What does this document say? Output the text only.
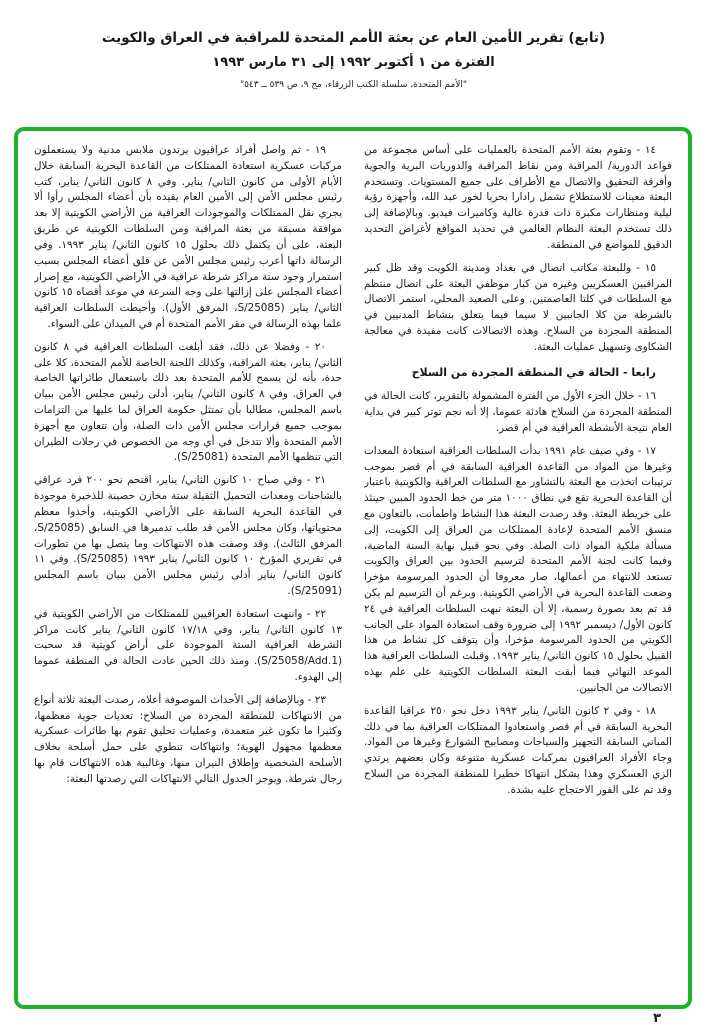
(تابع) تقرير الأمين العام عن بعثة الأمم المتحدة للمراقبة في العراق والكويت
الفترة من ١ أكتوبر ١٩٩٢ إلى ٣١ مارس ١٩٩٣
"الأمم المتحدة، سلسلة الكتب الزرقاء، مج ٩، ص ٥٣٩ ــ ٥٤٣"

١٤ - وتقوم بعثة الأمم المتحدة بالعمليات على أساس مجموعة من قواعد الدورية/ المراقبة ومن نقاط المراقبة والدوريات البرية والجوية وأفرقة التحقيق والاتصال مع الأطراف على جميع المستويات. وتستخدم البعثة معينات للاستطلاع تشمل رادارا بحريا لخور عبد الله، وأجهزة رؤية ليلية ومنظارات مكبرة ذات قدرة عالية وكاميرات فيديو. وبالإضافة إلى ذلك تستخدم البعثة النظام العالمي في تحديد المواقع لأغراض التحديد الدقيق للمواضع في المنطقة.

١٥ - وللبعثة مكاتب اتصال في بغداد ومدينة الكويت وقد ظل كبير المراقبين العسكريين وغيره من كبار موظفي البعثة على اتصال منتظم مع السلطات في كلتا العاصمتين. وعلى الصعيد المحلي، استمر الاتصال بالشرطة من كلا الجانبين لا سيما فيما يتعلق بنشاط المدنيين في المنطقة المجردة من السلاح. وهذه الاتصالات كانت مفيدة في معالجة الشكاوى وتسهيل عمليات البعثة.

رابعا - الحالة في المنطقة المجردة من السلاح

١٦ - خلال الجزء الأول من الفترة المشمولة بالتقرير، كانت الحالة في المنطقة المجردة من السلاح هادئة عموما، إلا أنه نجم توتر كبير في بداية العام نتيجة الأنشطة العراقية في أم قصر.

١٧ - وفي صيف عام ١٩٩١ بدأت السلطات العراقية استعادة المعدات وغيرها من المواد من القاعدة العراقية السابقة في أم قصر بموجب ترتيبات اتخذت مع البعثة بالتشاور مع السلطات العراقية والكويتية باعتبار أن القاعدة البحرية تقع في نطاق ١٠٠٠ متر من خط الحدود المبين حينئذ على خريطة البعثة. وقد رصدت البعثة هذا النشاط واطمأنت، بالتعاون مع منسق الأمم المتحدة لإعادة الممتلكات من العراق إلى الكويت، إلى مسألة ملكية المواد ذات الصلة. وفي نحو قبيل نهاية السنة الماضية، وفيما كانت لجنة الأمم المتحدة لترسيم الحدود بين العراق والكويت تستعد للانتهاء من أعمالها، صار معروفا أن الحدود المرسومة مؤخرا وضعت القاعدة البحرية في الأراضي الكويتية. وبرغم أن الترسيم لم يكن قد تم بعد بصورة رسمية، إلا أن البعثة نبهت السلطات العراقية في ٢٤ كانون الأول/ ديسمبر ١٩٩٢ إلى ضرورة وقف استعادة المواد على الجانب الكويتي من الحدود المرسومة مؤخرا، وأن يتوقف كل نشاط من هذا القبيل بحلول ١٥ كانون الثاني/ يناير ١٩٩٣. وقبلت السلطات العراقية هذا الموعد النهائي فيما أبقت البعثة السلطات الكويتية على علم بهذه الاتصالات من الجانبين.

١٨ - وفي ٢ كانون الثاني/ يناير ١٩٩٣ دخل نحو ٢٥٠ عراقيا القاعدة البحرية السابقة في أم قصر واستعادوا الممتلكات العراقية بما في ذلك المباني السابقة التجهيز والسياجات ومصابيح الشوارع وغيرها من المواد. وجاء الأفراد العراقيون بمركبات عسكرية متنوعة وكان بعضهم يرتدي الزي العسكري وهذا يشكل انتهاكا خطيرا للمنطقة المجردة من السلاح وقد تم على الفور الاحتجاج عليه بشدة.

١٩ - ثم واصل أفراد عراقيون يرتدون ملابس مدنية ولا يستعملون مركبات عسكرية استعادة الممتلكات من القاعدة البحرية السابقة خلال الأيام الأولى من كانون الثاني/ يناير. وفي ٨ كانون الثاني/ يناير، كتب رئيس مجلس الأمن إلى الأمين العام يفيده بأن أعضاء المجلس رأوا ألا يجري نقل الممتلكات والموجودات العراقية من الأراضي الكويتية إلا بعد موافقة مسبقة من بعثة المراقبة ومن السلطات الكويتية عن طريق البعثة، على أن يكتمل ذلك بحلول ١٥ كانون الثاني/ يناير ١٩٩٣. وفي الرسالة ذاتها أعرب رئيس مجلس الأمن عن قلق أعضاء المجلس بسبب استمرار وجود ستة مراكز شرطة عراقية في الأراضي الكويتية، مع إصرار أعضاء المجلس على إزالتها على وجه السرعة في موعد أقصاه ١٥ كانون الثاني/ يناير (S/25085، المرفق الأول). وأحيطت السلطات العراقية علما بهذه الرسالة في مقر الأمم المتحدة أم في الميدان على السواء.

٢٠ - وفضلا عن ذلك، فقد أبلغت السلطات العراقية في ٨ كانون الثاني/ يناير، بعثة المراقبة، وكذلك اللجنة الخاصة للأمم المتحدة، كلا على حدة، بأنه لن يسمح للأمم المتحدة بعد ذلك باستعمال طائراتها الخاصة في العراق. وفي ٨ كانون الثاني/ يناير، أدلى رئيس مجلس الأمن ببيان باسم المجلس، مطالبا بأن تمتثل حكومة العراق لما عليها من التزامات بموجب جميع قرارات مجلس الأمن ذات الصلة، وأن تتعاون مع أجهزة الأمم المتحدة وألا تتدخل في أي وجه من الخصوص في رحلات الطيران التي تنظمها الأمم المتحدة (S/25081).

٢١ - وفي صباح ١٠ كانون الثاني/ يناير، اقتحم نحو ٢٠٠ فرد عراقي بالشاحنات ومعدات التحميل الثقيلة ستة مخازن حصينة للذخيرة موجودة في القاعدة البحرية السابقة على الأراضي الكويتية، وأخذوا معظم محتوياتها، وكان مجلس الأمن قد طلب تدميرها في السابق (S/25085، المرفق الثالث). وقد وصفت هذه الانتهاكات وما يتصل بها من تطورات في تقريري المؤرخ ١٠ كانون الثاني/ يناير ١٩٩٣ (S/25085). وفي ١١ كانون الثاني/ يناير أدلى رئيس مجلس الأمن ببيان باسم المجلس (S/25091).

٢٢ - وانتهت استعادة العراقيين للممتلكات من الأراضي الكويتية في ١٣ كانون الثاني/ يناير، وفي ١٧/١٨ كانون الثاني/ يناير كانت مراكز الشرطة العراقية الستة الموجودة على أراض كويتية قد سحبت (S/25058/Add.1). ومنذ ذلك الحين عادت الحالة في المنطقة عموما إلى الهدوء.

٢٣ - وبالإضافة إلى الأحداث الموصوفة أعلاه، رصدت البعثة ثلاثة أنواع من الانتهاكات للمنطقة المجردة من السلاح: تعديات جوية معظمها، وكثيرا ما تكون غير متعمدة، وعمليات تحليق تقوم بها طائرات عسكرية معظمها مجهول الهوية؛ وانتهاكات تنطوي على حمل أسلحة بخلاف الأسلحة الشخصية وإطلاق النيران منها، وغالبية هذه الانتهاكات قام بها رجال شرطة. ويوجز الجدول التالي الانتهاكات التي رصدتها البعثة:

٣
